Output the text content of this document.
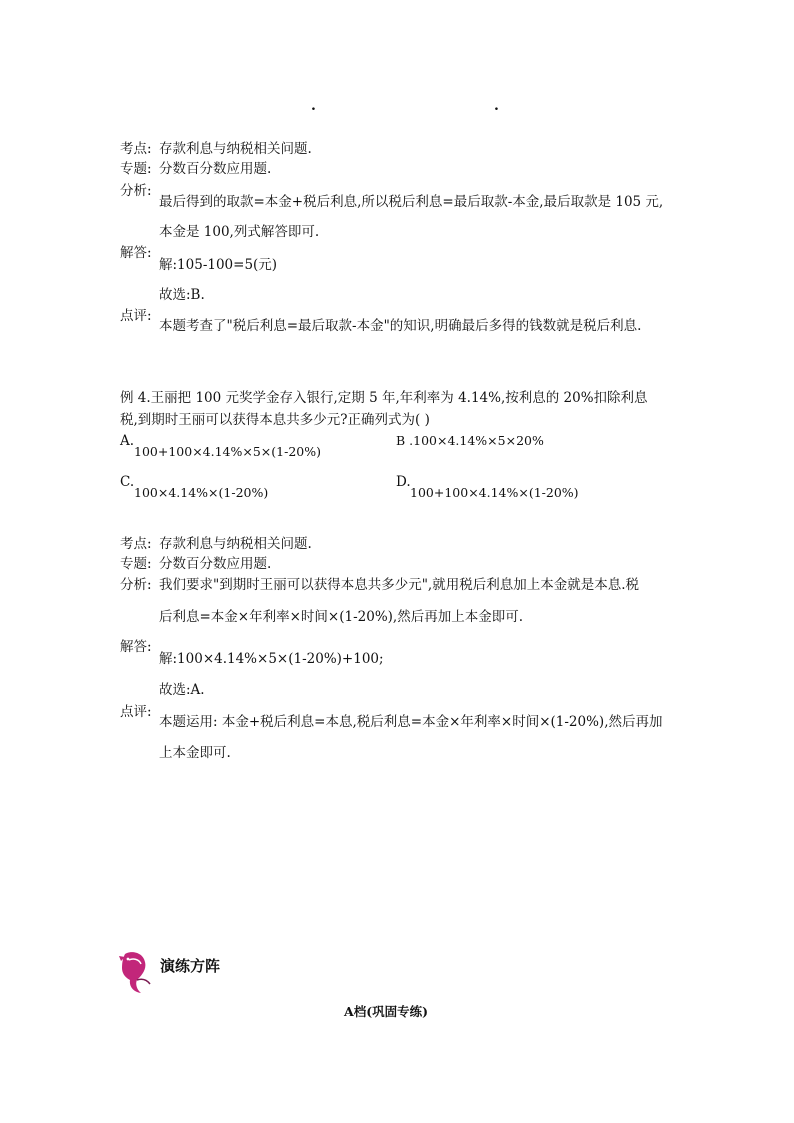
.	.
考点: 存款利息与纳税相关问题.
专题: 分数百分数应用题.
分析:
最后得到的取款=本金+税后利息,所以税后利息=最后取款-本金,最后取款是 105 元,
本金是 100,列式解答即可.
解答:
解:105-100=5(元)
故选:B.
点评:
本题考查了"税后利息=最后取款-本金"的知识,明确最后多得的钱数就是税后利息.
例 4.王丽把 100 元奖学金存入银行,定期 5 年,年利率为 4.14%,按利息的 20%扣除利息
税,到期时王丽可以获得本息共多少元?正确列式为( )
A.
100+100×4.14%×5×(1-20%)
B .100×4.14%×5×20%
C.
100×4.14%×(1-20%)
D.
100+100×4.14%×(1-20%)
考点: 存款利息与纳税相关问题.
专题: 分数百分数应用题.
分析: 我们要求"到期时王丽可以获得本息共多少元",就用税后利息加上本金就是本息.税
后利息=本金×年利率×时间×(1-20%),然后再加上本金即可.
解答:
解:100×4.14%×5×(1-20%)+100;
故选:A.
点评:
本题运用: 本金+税后利息=本息,税后利息=本金×年利率×时间×(1-20%),然后再加
上本金即可.
演练方阵
A档(巩固专练)
